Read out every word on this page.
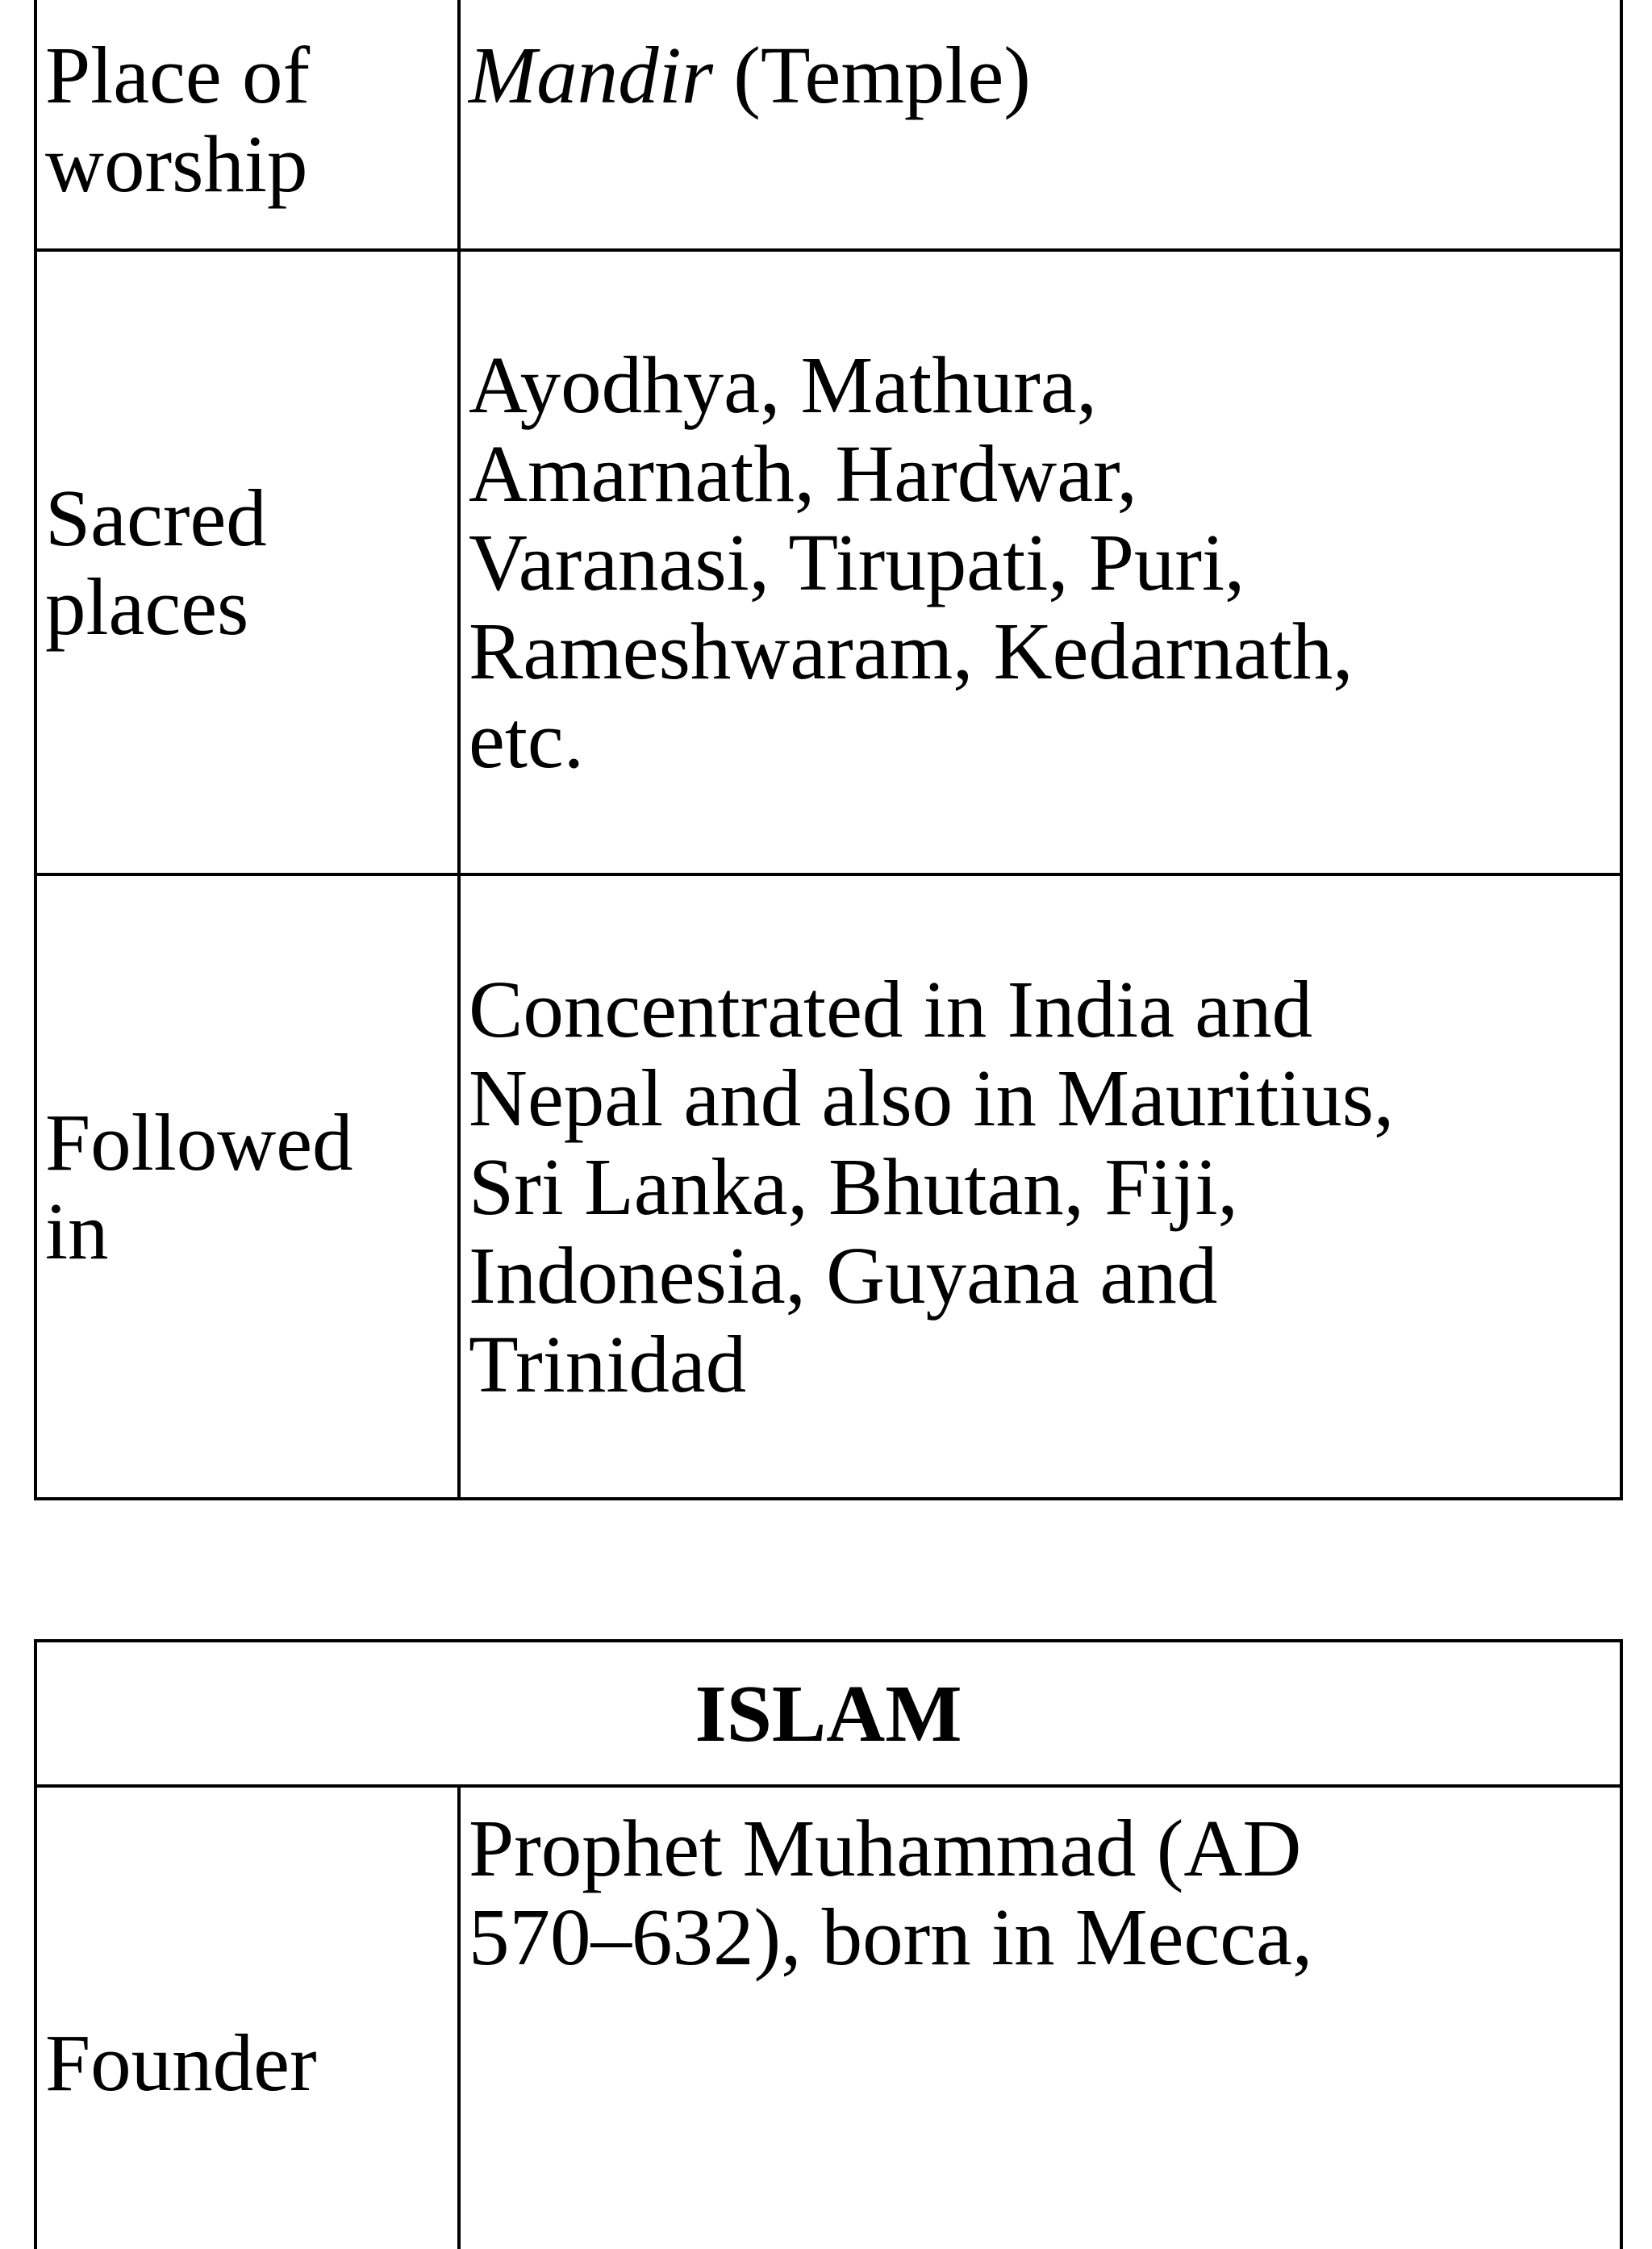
Place of
worship	Mandir (Temple)
Sacred
places	Ayodhya, Mathura,
Amarnath, Hardwar,
Varanasi, Tirupati, Puri,
Rameshwaram, Kedarnath,
etc.
Followed
in	Concentrated in India and
Nepal and also in Mauritius,
Sri Lanka, Bhutan, Fiji,
Indonesia, Guyana and
Trinidad
ISLAM
Founder	Prophet Muhammad (AD
570–632), born in Mecca,
